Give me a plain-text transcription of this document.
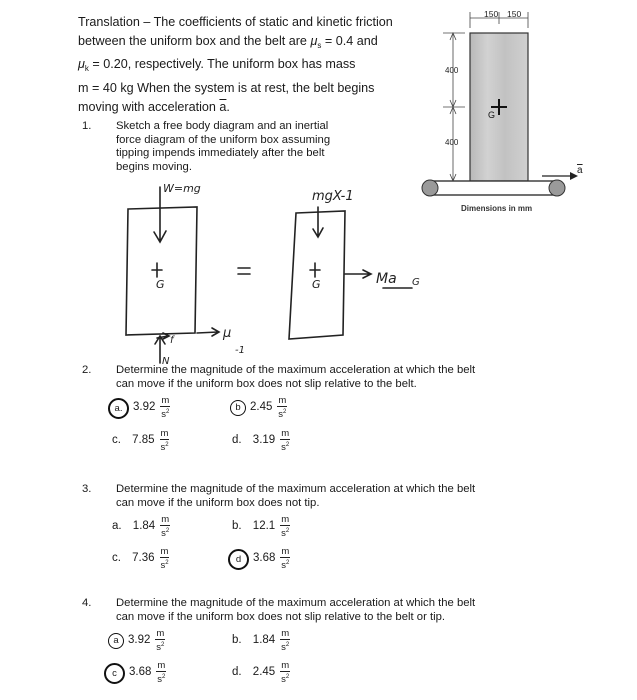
Translation – The coefficients of static and kinetic friction

between the uniform box and the belt are $\mu_s = 0.4$ and

$\mu_k = 0.20$, respectively. The uniform box has mass

m = 40 kg When the system is at rest, the belt begins

moving with acceleration $\overline{a}$.

150 150
400
400
G
a
Dimensions in mm
1. Sketch a free body diagram and an inertial
force diagram of the uniform box assuming
tipping impends immediately after the belt
begins moving.
W=mg
G
f	μ
-1
N
mgX-1
G	Ma G
2. Determine the magnitude of the maximum acceleration at which the belt
can move if the uniform box does not slip relative to the belt.
a. $3.92 \frac{m}{s^2}$	b $2.45 \frac{m}{s^2}$
c.
$7.85 \frac{m}{s^2}$	d.
$3.19 \frac{m}{s^2}$
3. Determine the magnitude of the maximum acceleration at which the belt
can move if the uniform box does not tip.
a.
$1.84 \frac{m}{s^2}$	b.
$12.1 \frac{m}{s^2}$
c.
$7.36 \frac{m}{s^2}$	d	$3.68 \frac{m}{s^2}$
4. Determine the magnitude of the maximum acceleration at which the belt
can move if the uniform box does not slip relative to the belt or tip.
a $3.92 \frac{m}{s^2}$	b.
$1.84 \frac{m}{s^2}$
c	$3.68 \frac{m}{s^2}$	d.
$2.45 \frac{m}{s^2}$
